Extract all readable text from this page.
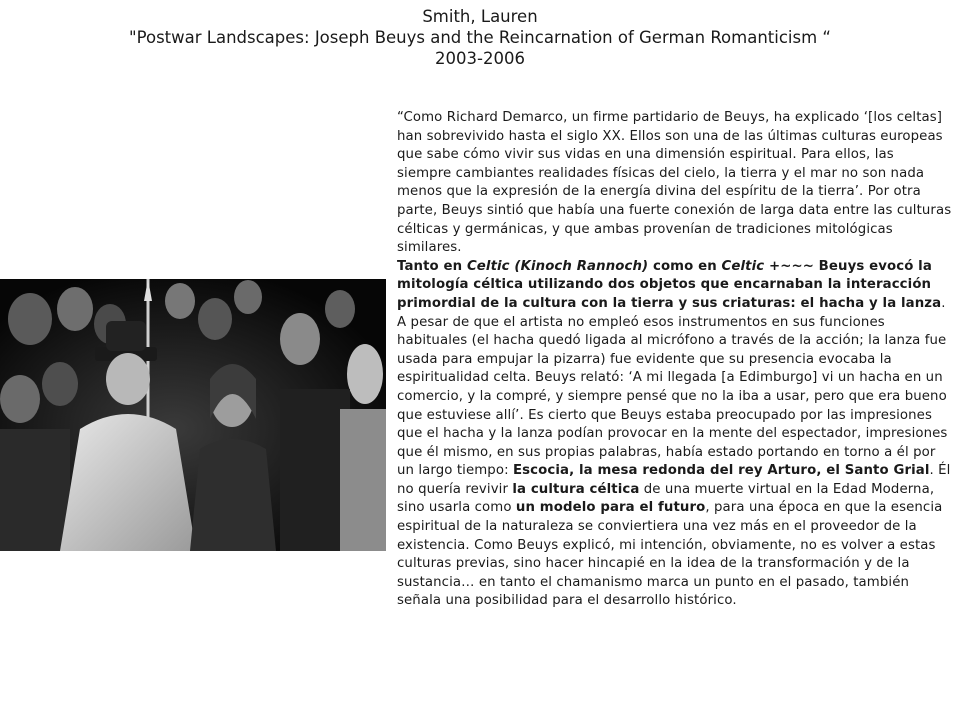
Smith, Lauren
"Postwar Landscapes: Joseph Beuys and the Reincarnation of German Romanticism “
2003-2006

“Como Richard Demarco, un firme partidario de Beuys, ha explicado ‘[los celtas] han sobrevivido hasta el siglo XX. Ellos son una de las últimas culturas europeas que sabe cómo vivir sus vidas en una dimensión espiritual. Para ellos, las siempre cambiantes realidades físicas del cielo, la tierra y el mar no son nada menos que la expresión de la energía divina del espíritu de la tierra’. Por otra parte, Beuys sintió que había una fuerte conexión de larga data entre las culturas célticas y germánicas, y que ambas provenían de tradiciones mitológicas similares.

Tanto en Celtic (Kinoch Rannoch) como en Celtic +~~~ Beuys evocó la mitología céltica utilizando dos objetos que encarnaban la interacción primordial de la cultura con la tierra y sus criaturas: el hacha y la lanza.

A pesar de que el artista no empleó esos instrumentos en sus funciones habituales (el hacha quedó ligada al micrófono a través de la acción; la lanza fue usada para empujar la pizarra) fue evidente que su presencia evocaba la espiritualidad celta. Beuys relató: ‘A mi llegada [a Edimburgo] vi un hacha en un comercio, y la compré, y siempre pensé que no la iba a usar, pero que era bueno que estuviese allí’. Es cierto que Beuys estaba preocupado por las impresiones que el hacha y la lanza podían provocar en la mente del espectador, impresiones que él mismo, en sus propias palabras, había estado portando en torno a él por un largo tiempo: Escocia, la mesa redonda del rey Arturo, el Santo Grial. Él no quería revivir la cultura céltica de una muerte virtual en la Edad Moderna, sino usarla como un modelo para el futuro, para una época en que la esencia espiritual de la naturaleza se conviertiera una vez más en el proveedor de la existencia. Como Beuys explicó, mi intención, obviamente, no es volver a estas culturas previas, sino hacer hincapié en la idea de la transformación y de la sustancia… en tanto el chamanismo marca un punto en el pasado, también señala una posibilidad para el desarrollo histórico.
